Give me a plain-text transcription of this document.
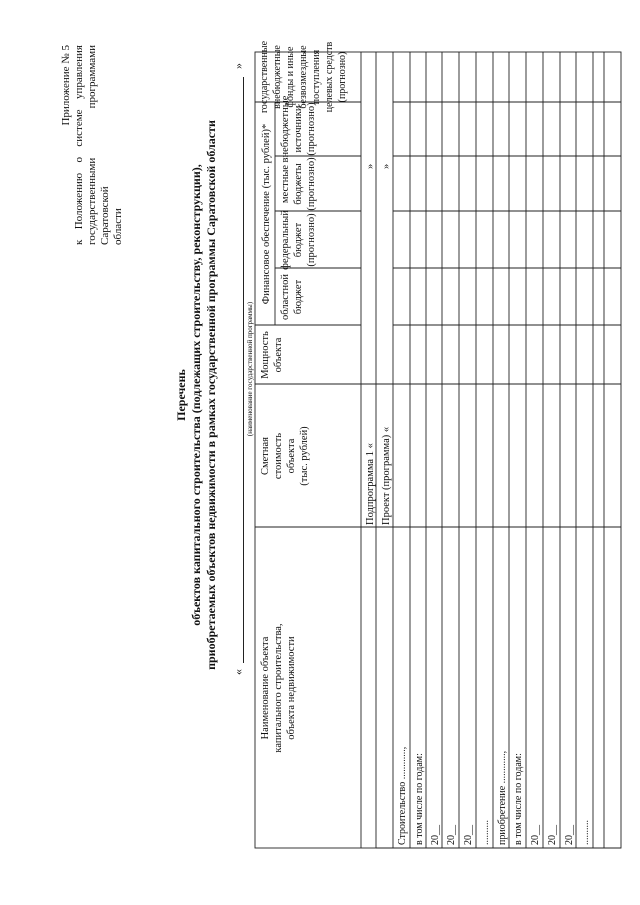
Приложение № 5 к Положению о системе управления государственными программами Саратовской области
Перечень объектов капитального строительства (подлежащих строительству, реконструкции), приобретаемых объектов недвижимости в рамках государственной программы Саратовской области
«
»
(наименование государственной программы)
Наименование объекта капитального строительства, объекта недвижимости
Сметная стоимость объекта (тыс. рублей)
Мощность объекта
Финансовое обеспечение (тыс. рублей)* областной бюджет
федеральный бюджет (прогнозно)
местные бюджеты (прогнозно)
внебюджетные источники (прогнозно)
государственные внебюджетные фонды и иные безвозмездные поступления целевых средств (прогнозно)
Подпрограмма 1 «
»
Проект (программа) «
»
Строительство ............, в том числе по годам: 20__ 20__ 20__ .......... приобретение ............, в том числе по годам: 20__ 20__ 20__ ..........
